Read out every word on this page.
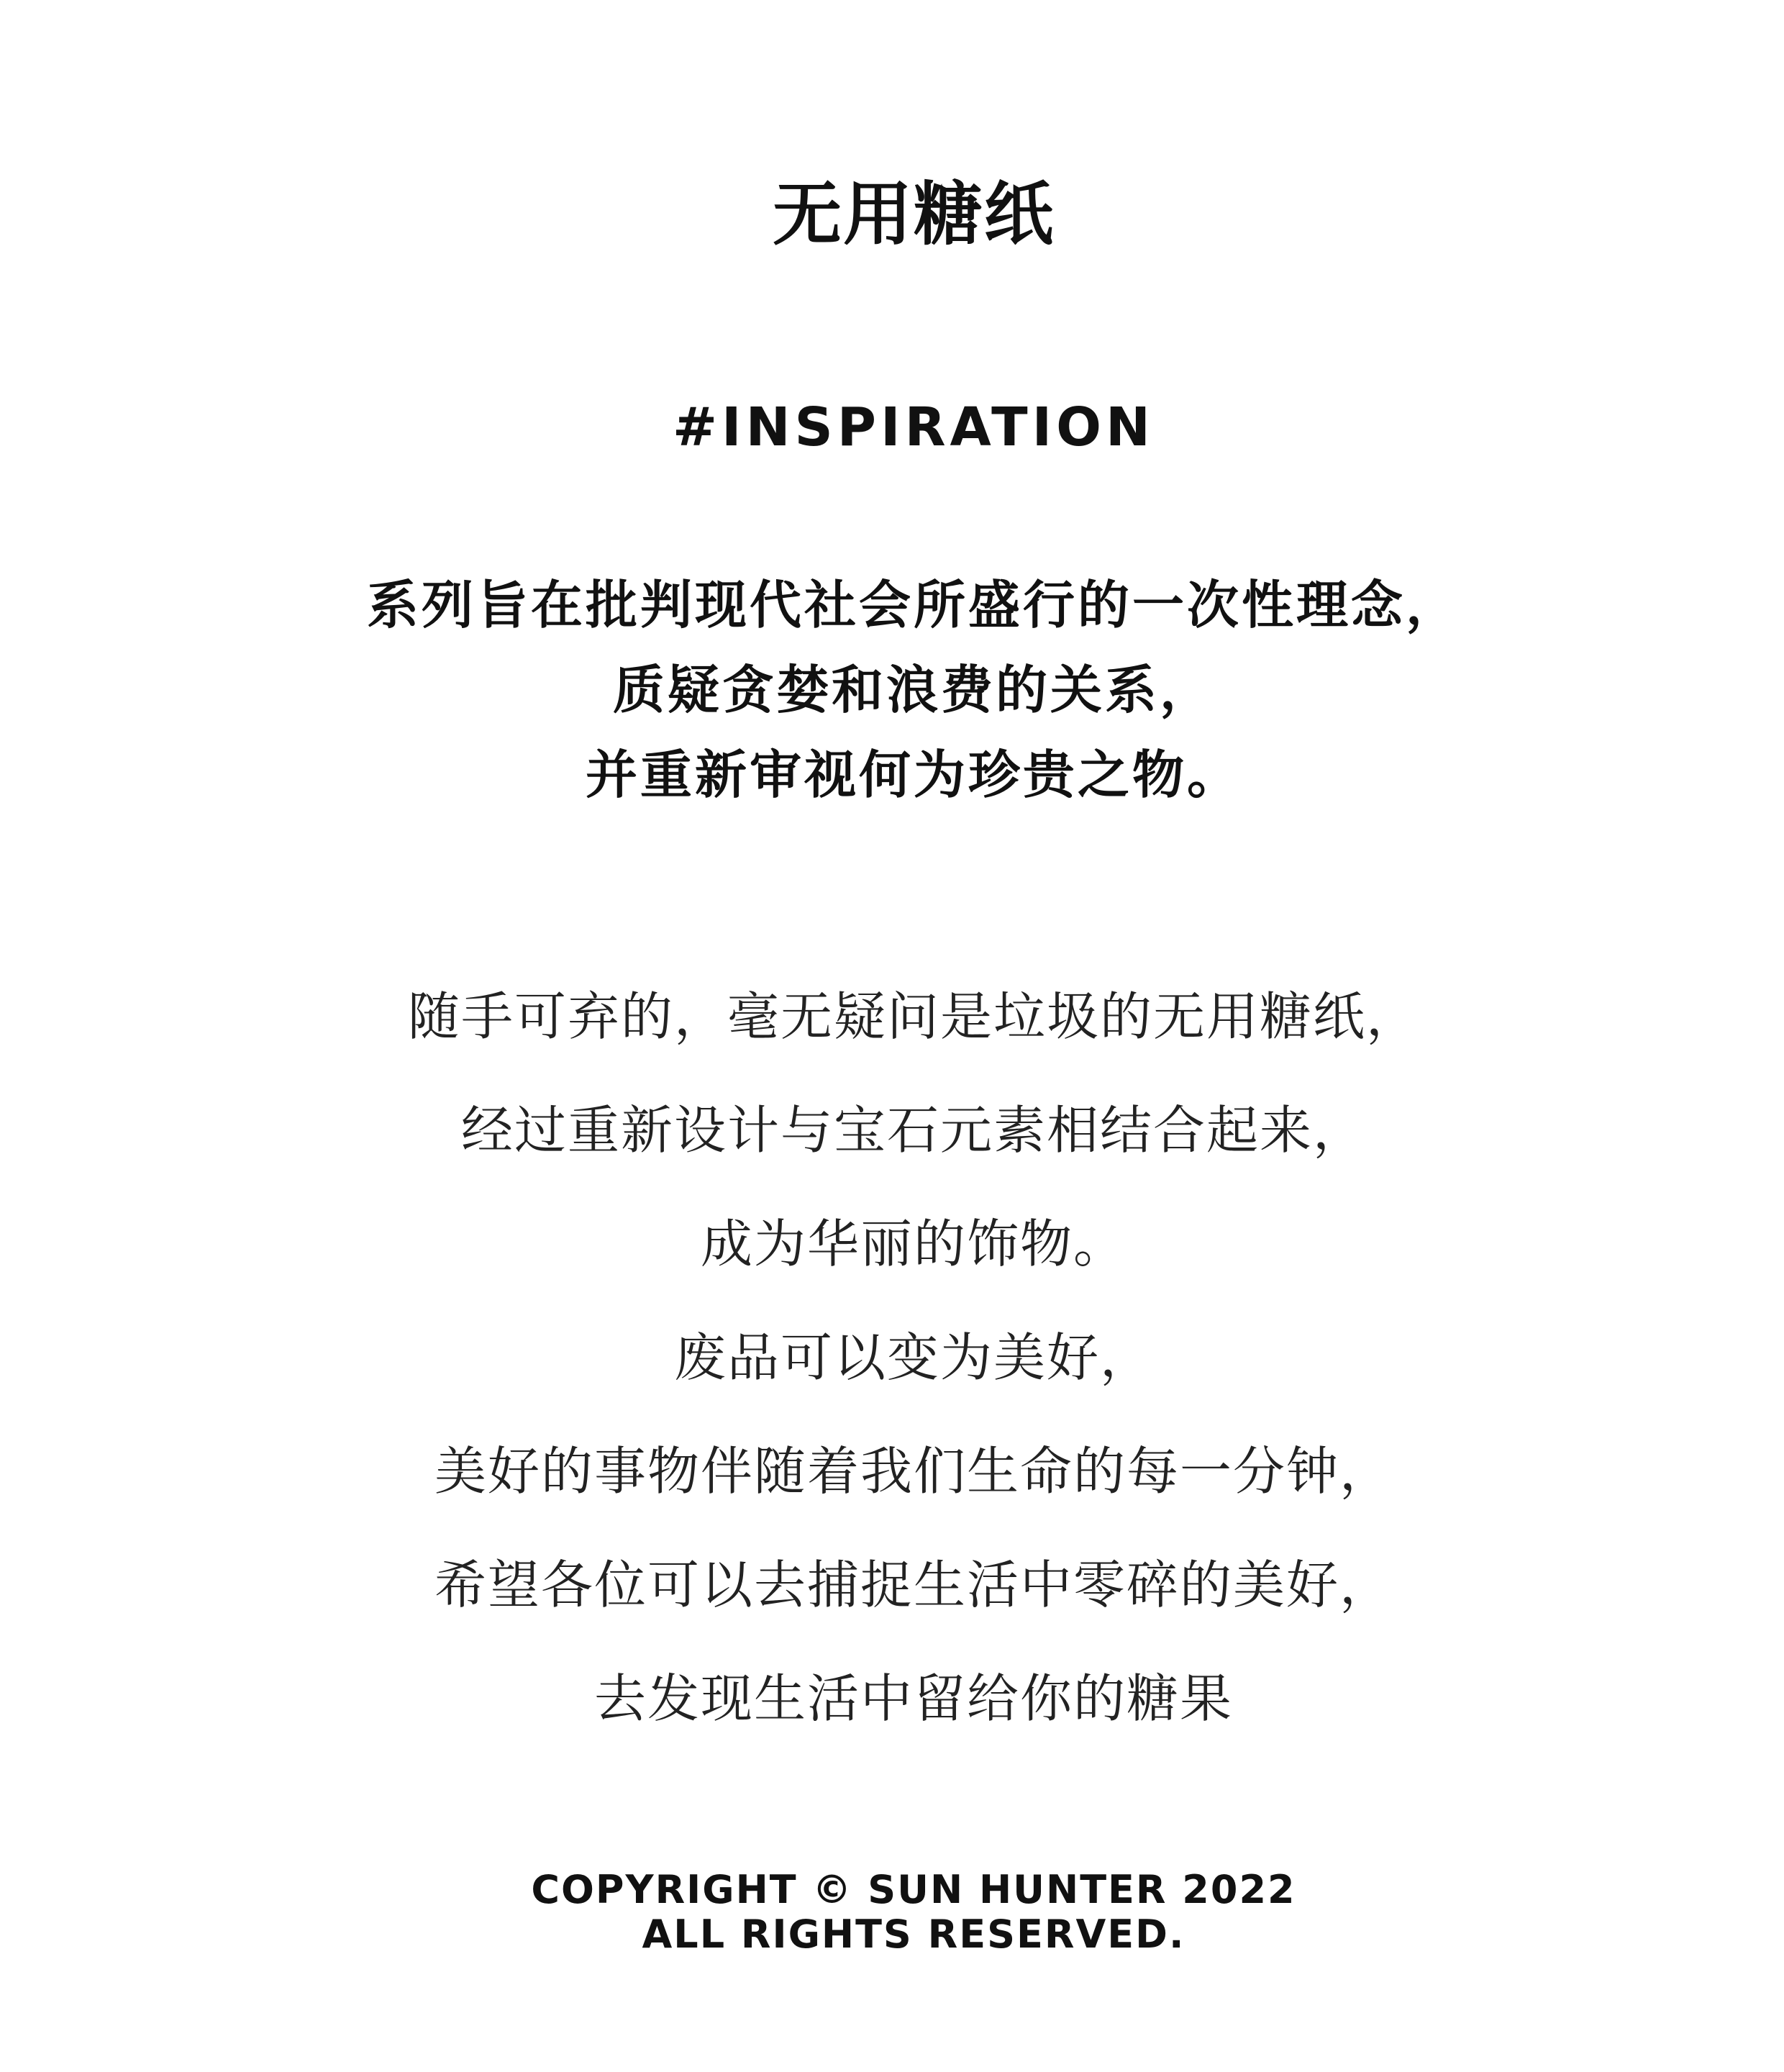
无用糖纸
#INSPIRATION
系列旨在批判现代社会所盛行的一次性理念，
质疑贪婪和浪费的关系，
并重新审视何为珍贵之物。
随手可弃的，毫无疑问是垃圾的无用糖纸，
经过重新设计与宝石元素相结合起来，
成为华丽的饰物。
废品可以变为美好，
美好的事物伴随着我们生命的每一分钟，
希望各位可以去捕捉生活中零碎的美好，
去发现生活中留给你的糖果
COPYRIGHT © SUN HUNTER 2022
ALL RIGHTS RESERVED.
